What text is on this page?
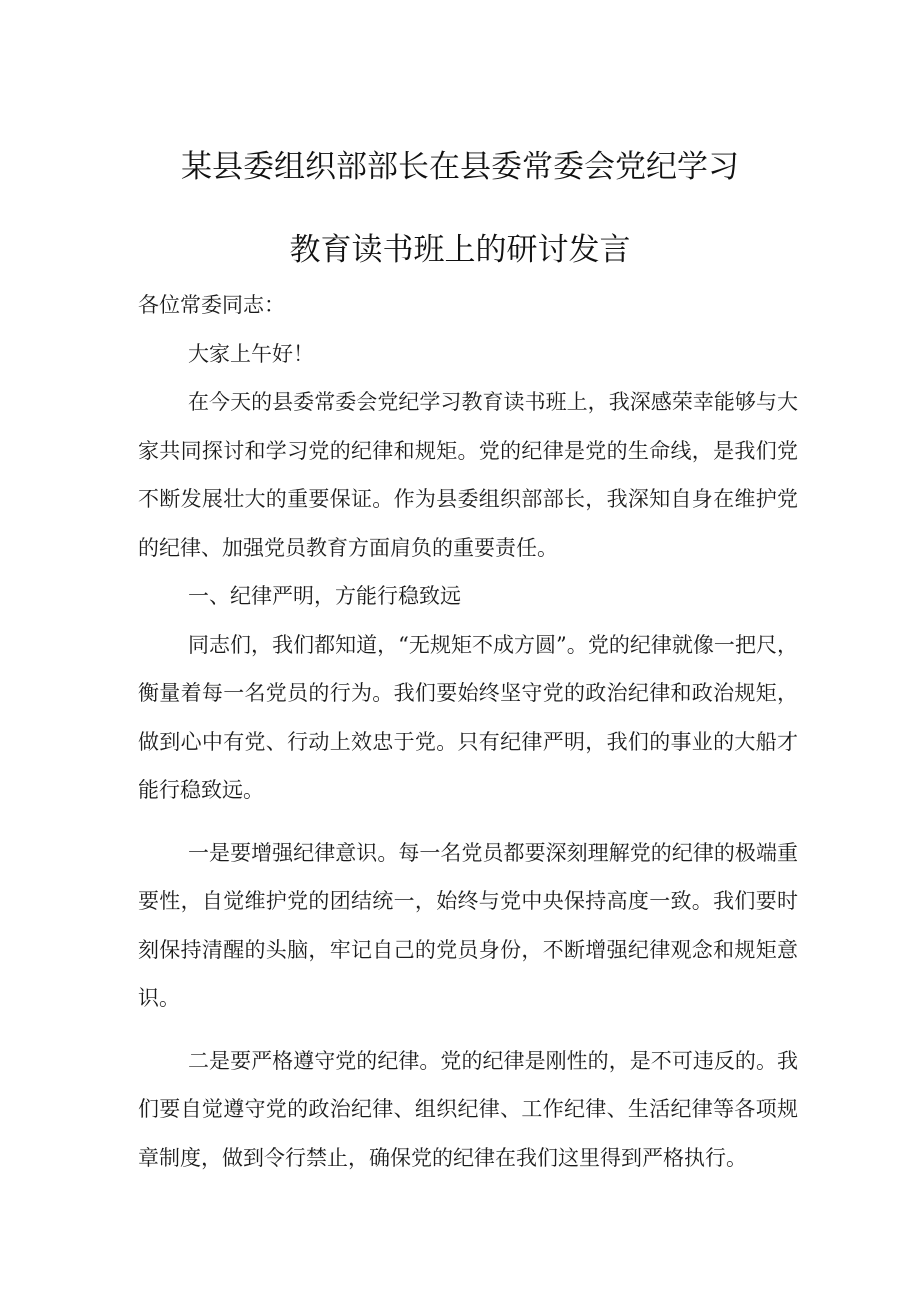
某县委组织部部长在县委常委会党纪学习
教育读书班上的研讨发言

各位常委同志：

大家上午好！

在今天的县委常委会党纪学习教育读书班上，我深感荣幸能够与大家共同探讨和学习党的纪律和规矩。党的纪律是党的生命线，是我们党不断发展壮大的重要保证。作为县委组织部部长，我深知自身在维护党的纪律、加强党员教育方面肩负的重要责任。

一、纪律严明，方能行稳致远

同志们，我们都知道，“无规矩不成方圆”。党的纪律就像一把尺，衡量着每一名党员的行为。我们要始终坚守党的政治纪律和政治规矩，做到心中有党、行动上效忠于党。只有纪律严明，我们的事业的大船才能行稳致远。

一是要增强纪律意识。每一名党员都要深刻理解党的纪律的极端重要性，自觉维护党的团结统一，始终与党中央保持高度一致。我们要时刻保持清醒的头脑，牢记自己的党员身份，不断增强纪律观念和规矩意识。

二是要严格遵守党的纪律。党的纪律是刚性的，是不可违反的。我们要自觉遵守党的政治纪律、组织纪律、工作纪律、生活纪律等各项规章制度，做到令行禁止，确保党的纪律在我们这里得到严格执行。
